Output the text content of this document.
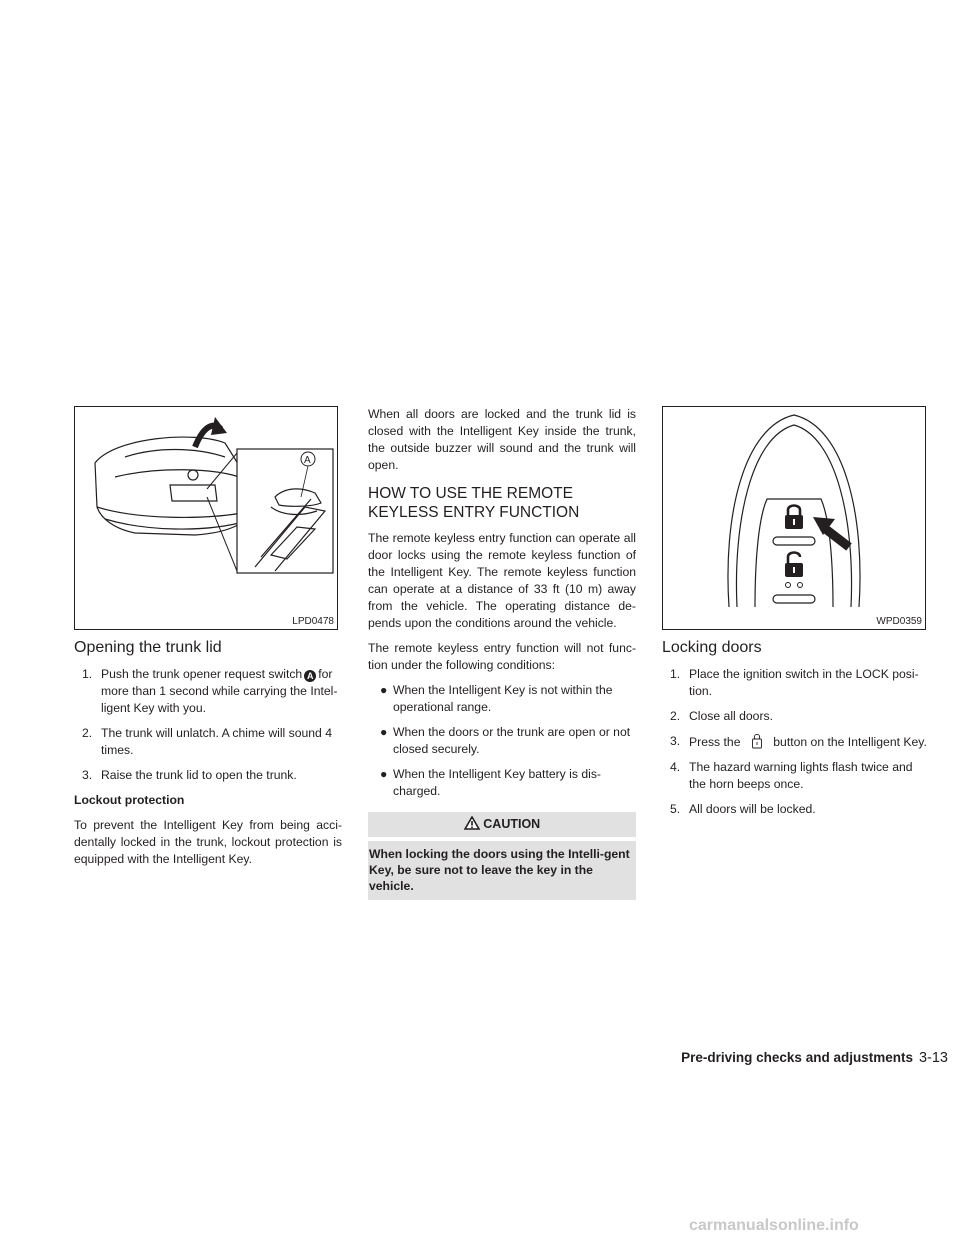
A
LPD0478
Opening the trunk lid
1. Push the trunk opener request switch A for more than 1 second while carrying the Intel-ligent Key with you.
2. The trunk will unlatch. A chime will sound 4 times.
3. Raise the trunk lid to open the trunk.
Lockout protection

To prevent the Intelligent Key from being acci-dentally locked in the trunk, lockout protection is equipped with the Intelligent Key.

When all doors are locked and the trunk lid is closed with the Intelligent Key inside the trunk, the outside buzzer will sound and the trunk will open.

HOW TO USE THE REMOTE KEYLESS ENTRY FUNCTION

The remote keyless entry function can operate all door locks using the remote keyless function of the Intelligent Key. The remote keyless function can operate at a distance of 33 ft (10 m) away from the vehicle. The operating distance de-pends upon the conditions around the vehicle.

The remote keyless entry function will not func-tion under the following conditions:

● When the Intelligent Key is not within the operational range.
● When the doors or the trunk are open or not closed securely.
● When the Intelligent Key battery is dis-charged.
CAUTION
When locking the doors using the Intelli-gent Key, be sure not to leave the key in the vehicle.
WPD0359
Locking doors
1. Place the ignition switch in the LOCK posi-tion.
2. Close all doors.
3. Press the	button on the Intelligent Key.
4. The hazard warning lights flash twice and the horn beeps once.
5. All doors will be locked.
Pre-driving checks and adjustments 3-13
carmanualsonline.info
